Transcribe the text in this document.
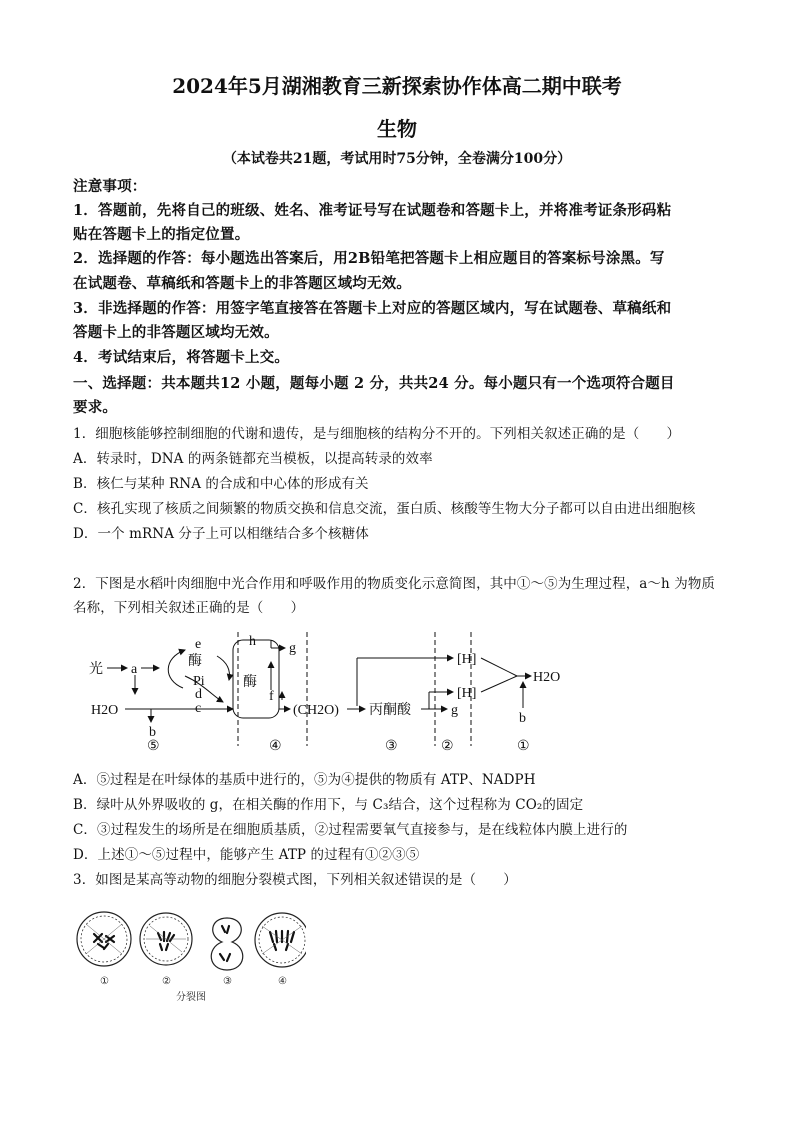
2024年5月湖湘教育三新探索协作体高二期中联考
生物
（本试卷共21题，考试用时75分钟，全卷满分100分）
注意事项：
1．答题前，先将自己的班级、姓名、准考证号写在试题卷和答题卡上，并将准考证条形码粘
贴在答题卡上的指定位置。
2．选择题的作答：每小题选出答案后，用2B铅笔把答题卡上相应题目的答案标号涂黑。写
在试题卷、草稿纸和答题卡上的非答题区域均无效。
3．非选择题的作答：用签字笔直接答在答题卡上对应的答题区域内，写在试题卷、草稿纸和
答题卡上的非答题区域均无效。
4．考试结束后，将答题卡上交。
一、选择题：共本题共12 小题，题每小题 2 分，共共24 分。每小题只有一个选项符合题目
要求。
1．细胞核能够控制细胞的代谢和遗传，是与细胞核的结构分不开的。下列相关叙述正确的是（　　）
A．转录时，DNA 的两条链都充当模板，以提高转录的效率
B．核仁与某种 RNA 的合成和中心体的形成有关
C．核孔实现了核质之间频繁的物质交换和信息交流，蛋白质、核酸等生物大分子都可以自由进出细胞核
D．一个 mRNA 分子上可以相继结合多个核糖体
2．下图是水稻叶肉细胞中光合作用和呼吸作用的物质变化示意简图，其中①～⑤为生理过程，a～h 为物质
名称，下列相关叙述正确的是（　　）
光 a
e
酶
Pi
d
c
H2O
b
h g
酶
f
(CH2O) 丙酮酸	g
[H]
[H]
H2O
b
⑤	④	③	②	①
A．⑤过程是在叶绿体的基质中进行的，⑤为④提供的物质有 ATP、NADPH
B．绿叶从外界吸收的 g，在相关酶的作用下，与 C₃结合，这个过程称为 CO₂的固定
C．③过程发生的场所是在细胞质基质，②过程需要氧气直接参与，是在线粒体内膜上进行的
D．上述①～⑤过程中，能够产生 ATP 的过程有①②③⑤
3．如图是某高等动物的细胞分裂模式图，下列相关叙述错误的是（　　）
①	②	③	④
分裂图
